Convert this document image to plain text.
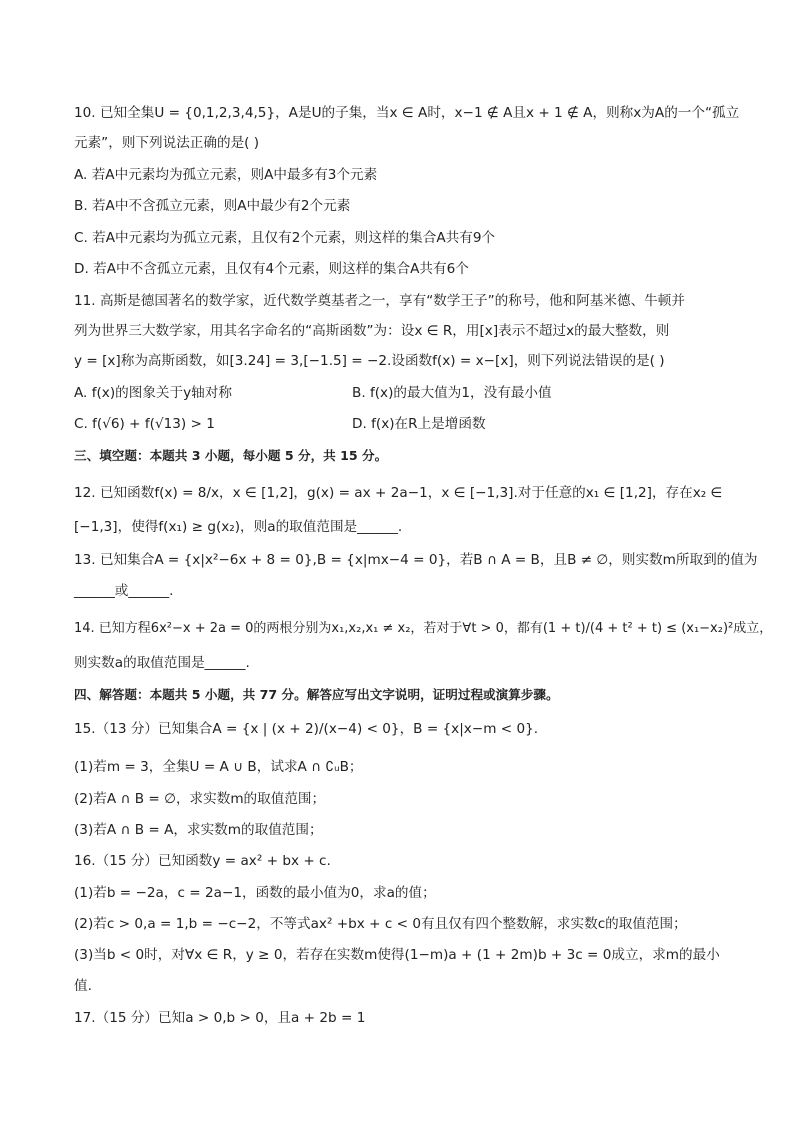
10. 已知全集U = {0,1,2,3,4,5}，A是U的子集，当x ∈ A时，x−1 ∉ A且x + 1 ∉ A，则称x为A的一个“孤立
元素”，则下列说法正确的是( )
A. 若A中元素均为孤立元素，则A中最多有3个元素
B. 若A中不含孤立元素，则A中最少有2个元素
C. 若A中元素均为孤立元素，且仅有2个元素，则这样的集合A共有9个
D. 若A中不含孤立元素，且仅有4个元素，则这样的集合A共有6个
11. 高斯是德国著名的数学家，近代数学奠基者之一，享有“数学王子”的称号，他和阿基米德、牛顿并
列为世界三大数学家，用其名字命名的“高斯函数”为：设x ∈ R，用[x]表示不超过x的最大整数，则
y = [x]称为高斯函数，如[3.24] = 3,[−1.5] = −2.设函数f(x) = x−[x]，则下列说法错误的是( )
A. f(x)的图象关于y轴对称	B. f(x)的最大值为1，没有最小值
C. f(√6) + f(√13) > 1	D. f(x)在R上是增函数
三、填空题：本题共 3 小题，每小题 5 分，共 15 分。
12. 已知函数f(x) = 8/x，x ∈ [1,2]，g(x) = ax + 2a−1，x ∈ [−1,3].对于任意的x₁ ∈ [1,2]，存在x₂ ∈
[−1,3]，使得f(x₁) ≥ g(x₂)，则a的取值范围是______.
13. 已知集合A = {x|x²−6x + 8 = 0},B = {x|mx−4 = 0}，若B ∩ A = B，且B ≠ ∅，则实数m所取到的值为
______或______.
14. 已知方程6x²−x + 2a = 0的两根分别为x₁,x₂,x₁ ≠ x₂，若对于∀t > 0，都有(1 + t)/(4 + t² + t) ≤ (x₁−x₂)²成立，
则实数a的取值范围是______.
四、解答题：本题共 5 小题，共 77 分。解答应写出文字说明，证明过程或演算步骤。
15.（13 分）已知集合A = {x | (x + 2)/(x−4) < 0}，B = {x|x−m < 0}.
(1)若m = 3，全集U = A ∪ B，试求A ∩ ∁ᵤB；
(2)若A ∩ B = ∅，求实数m的取值范围；
(3)若A ∩ B = A，求实数m的取值范围；
16.（15 分）已知函数y = ax² + bx + c.
(1)若b = −2a，c = 2a−1，函数的最小值为0，求a的值；
(2)若c > 0,a = 1,b = −c−2，不等式ax² +bx + c < 0有且仅有四个整数解，求实数c的取值范围；
(3)当b < 0时，对∀x ∈ R，y ≥ 0，若存在实数m使得(1−m)a + (1 + 2m)b + 3c = 0成立，求m的最小
值.
17.（15 分）已知a > 0,b > 0，且a + 2b = 1
